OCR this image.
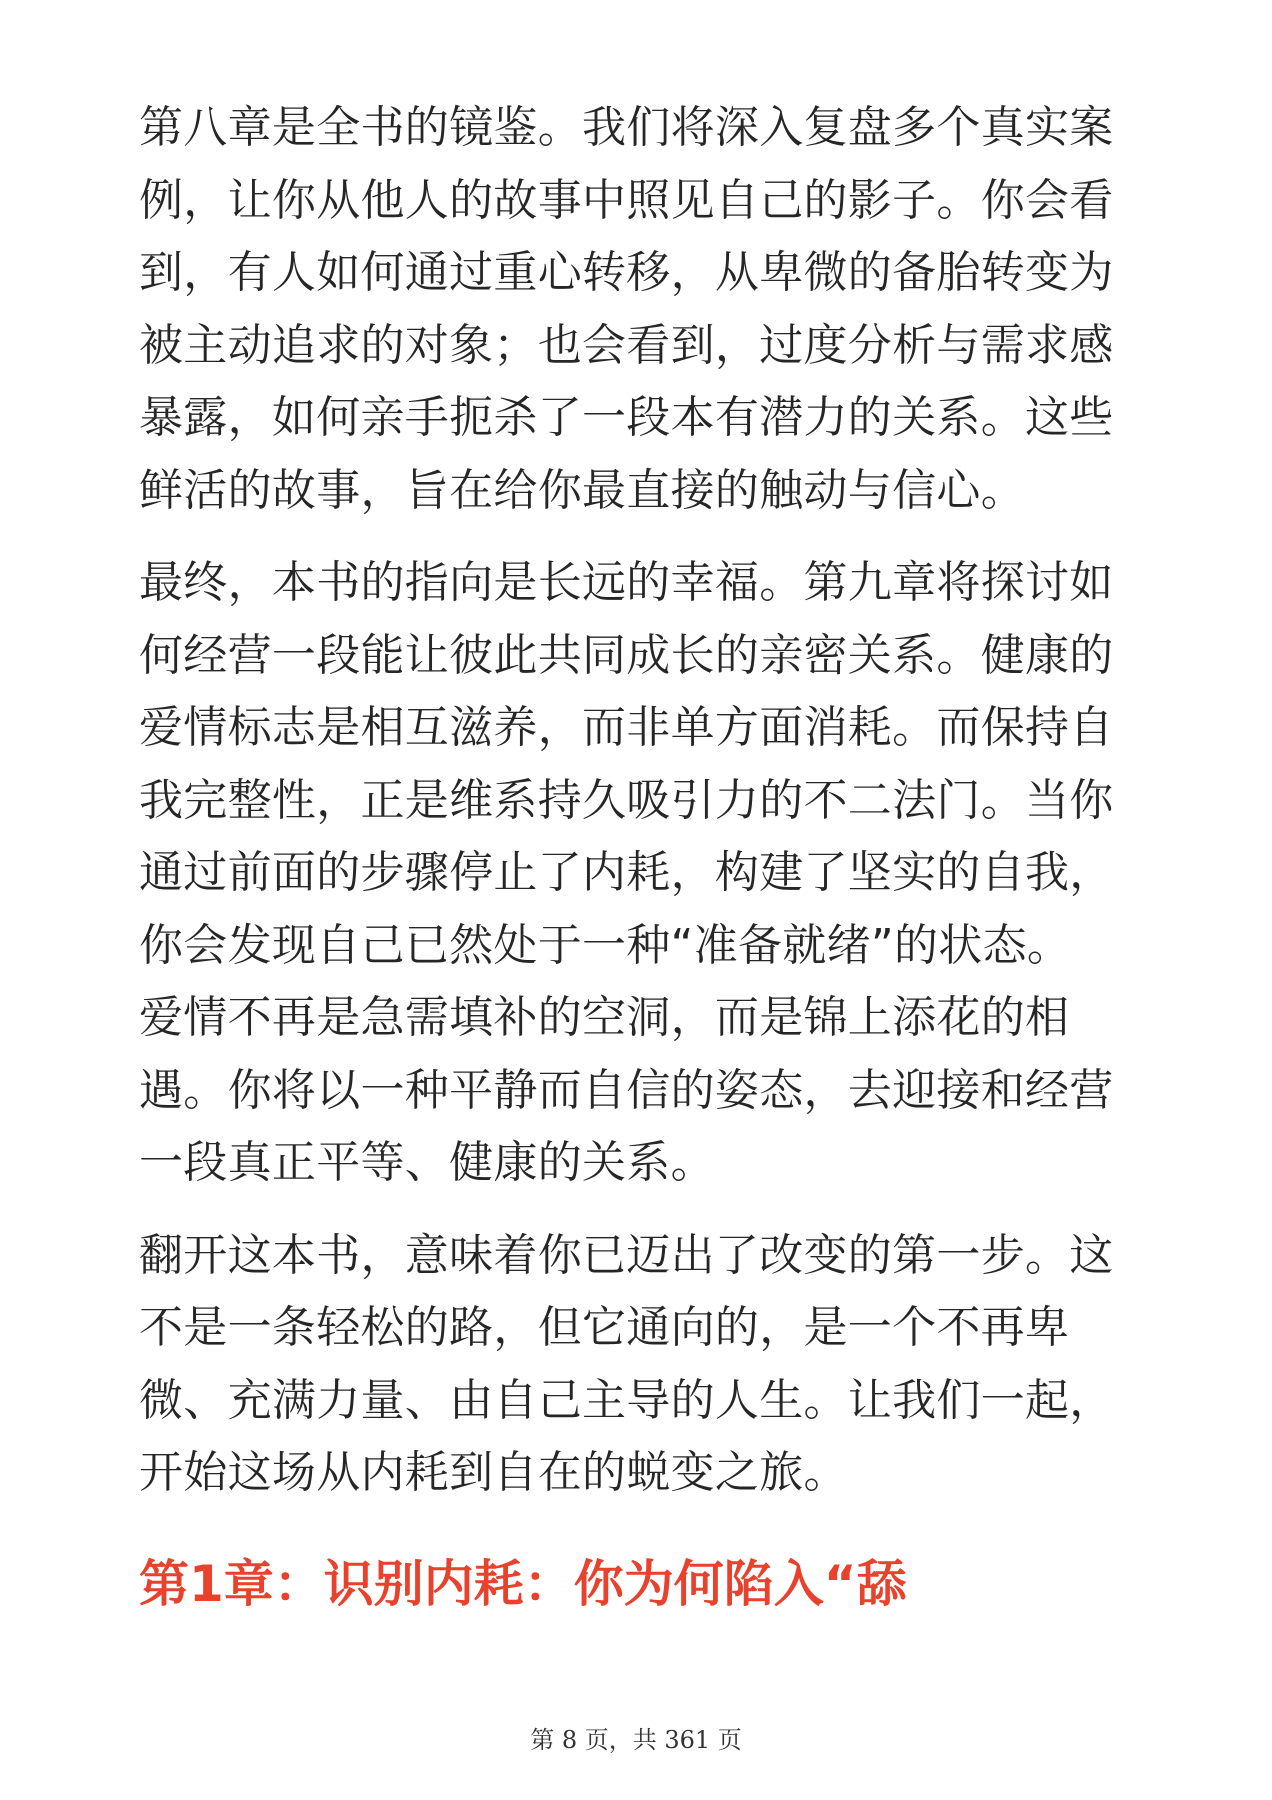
第八章是全书的镜鉴。我们将深入复盘多个真实案
例，让你从他人的故事中照见自己的影子。你会看
到，有人如何通过重心转移，从卑微的备胎转变为
被主动追求的对象；也会看到，过度分析与需求感
暴露，如何亲手扼杀了一段本有潜力的关系。这些
鲜活的故事，旨在给你最直接的触动与信心。

最终，本书的指向是长远的幸福。第九章将探讨如
何经营一段能让彼此共同成长的亲密关系。健康的
爱情标志是相互滋养，而非单方面消耗。而保持自
我完整性，正是维系持久吸引力的不二法门。当你
通过前面的步骤停止了内耗，构建了坚实的自我，
你会发现自己已然处于一种“准备就绪”的状态。
爱情不再是急需填补的空洞，而是锦上添花的相
遇。你将以一种平静而自信的姿态，去迎接和经营
一段真正平等、健康的关系。

翻开这本书，意味着你已迈出了改变的第一步。这
不是一条轻松的路，但它通向的，是一个不再卑
微、充满力量、由自己主导的人生。让我们一起，
开始这场从内耗到自在的蜕变之旅。

第1章：识别内耗：你为何陷入“舔
第 8 页，共 361 页
